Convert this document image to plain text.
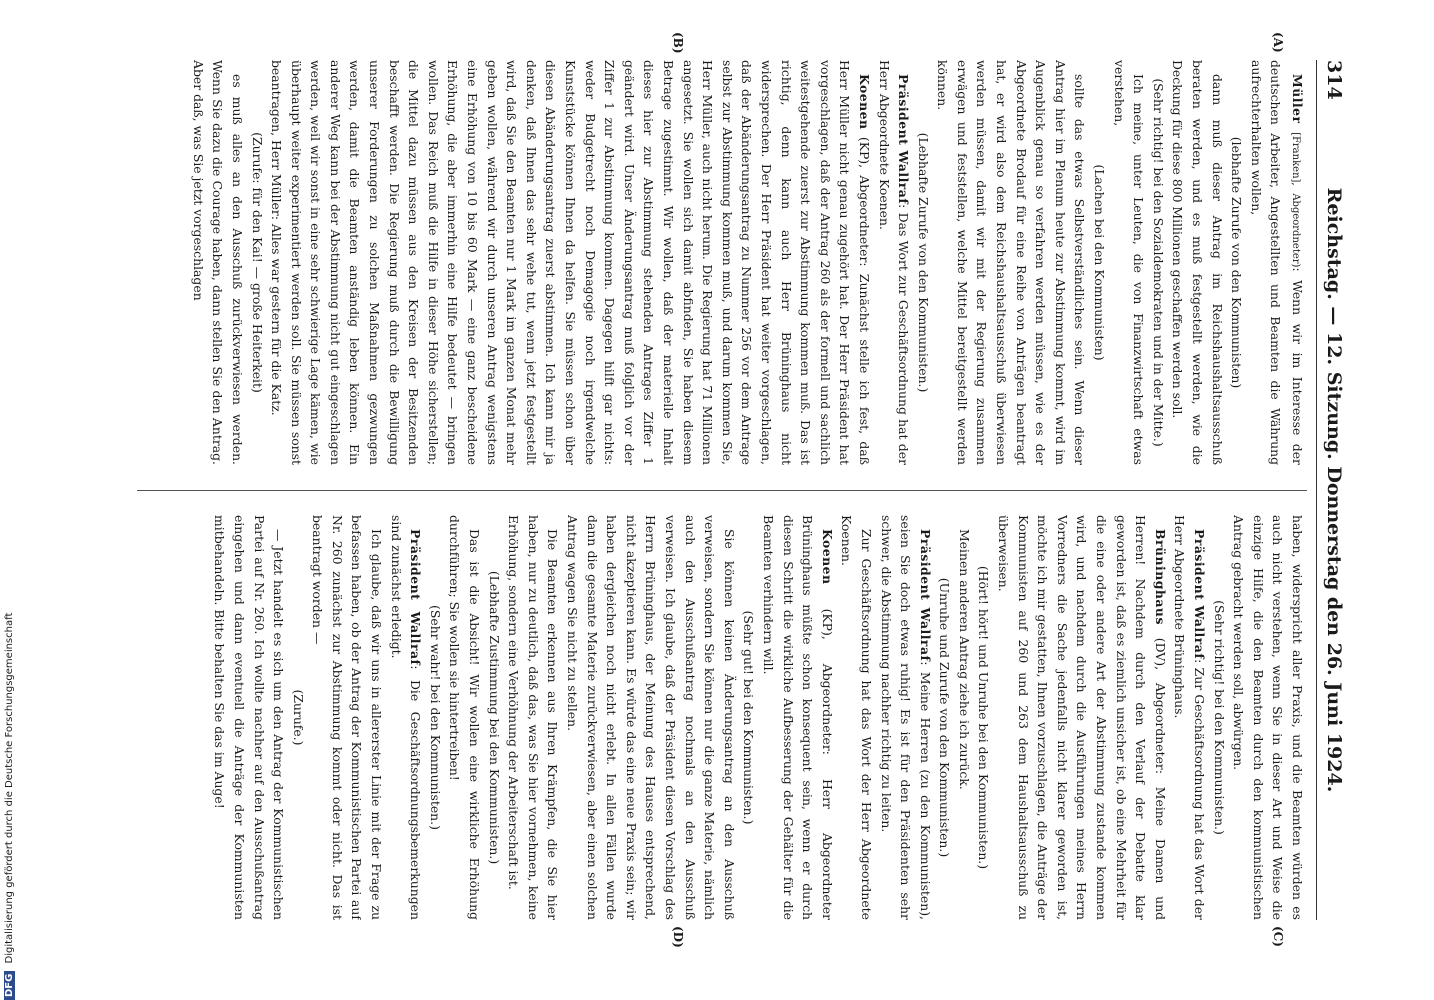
314
Reichstag. — 12. Sitzung. Donnerstag den 26. Juni 1924.
(A)
(B)
(C)
(D)

Müller [Franken], Abgeordneter): Wenn wir im Interesse der deutschen Arbeiter, Angestellten und Beamten die Währung aufrechterhalten wollen,

(lebhafte Zurufe von den Kommunisten)

dann muß dieser Antrag im Reichshaushaltsausschuß beraten werden, und es muß festgestellt werden, wie die Deckung für diese 800 Millionen geschaffen werden soll.

(Sehr richtig! bei den Sozialdemokraten und in der Mitte.)

Ich meine, unter Leuten, die von Finanzwirtschaft etwas verstehen,

(Lachen bei den Kommunisten)

sollte das etwas Selbstverständliches sein. Wenn dieser Antrag hier im Plenum heute zur Abstimmung kommt, wird im Augenblick genau so verfahren werden müssen, wie es der Abgeordnete Brodauf für eine Reihe von Anträgen beantragt hat, er wird also dem Reichshaushaltsausschuß überwiesen werden müssen, damit wir mit der Regierung zusammen erwägen und feststellen, welche Mittel bereitgestellt werden können.

(Lebhafte Zurufe von den Kommunisten.)

Präsident Wallraf: Das Wort zur Geschäftsordnung hat der Herr Abgeordnete Koenen.

Koenen (KP), Abgeordneter: Zunächst stelle ich fest, daß Herr Müller nicht genau zugehört hat. Der Herr Präsident hat vorgeschlagen, daß der Antrag 260 als der formell und sachlich weitestgehende zuerst zur Abstimmung kommen muß. Das ist richtig, denn kann auch Herr Brüninghaus nicht widersprechen. Der Herr Präsident hat weiter vorgeschlagen, daß der Abänderungsantrag zu Nummer 256 vor dem Antrage selbst zur Abstimmung kommen muß, und darum kommen Sie, Herr Müller, auch nicht herum. Die Regierung hat 71 Millionen angesetzt. Sie wollen sich damit abfinden, Sie haben diesem Betrage zugestimmt. Wir wollen, daß der materielle Inhalt dieses hier zur Abstimmung stehenden Antrages Ziffer 1 geändert wird. Unser Änderungsantrag muß folglich vor der Ziffer 1 zur Abstimmung kommen. Dagegen hilft gar nichts: weder Budgetrecht noch Demagogie noch irgendwelche Kunststücke können Ihnen da helfen. Sie müssen schon über diesen Abänderungsantrag zuerst abstimmen. Ich kann mir ja denken, daß Ihnen das sehr wehe tut, wenn jetzt festgestellt wird, daß Sie den Beamten nur 1 Mark im ganzen Monat mehr geben wollen, während wir durch unseren Antrag wenigstens eine Erhöhung von 10 bis 60 Mark — eine ganz bescheidene Erhöhung, die aber immerhin eine Hilfe bedeutet — bringen wollen. Das Reich muß die Hilfe in dieser Höhe sicherstellen; die Mittel dazu müssen aus den Kreisen der Besitzenden beschafft werden. Die Regierung muß durch die Bewilligung unserer Forderungen zu solchen Maßnahmen gezwungen werden, damit die Beamten anständig leben können. Ein anderer Weg kann bei der Abstimmung nicht gut eingeschlagen werden, weil wir sonst in eine sehr schwierige Lage kämen, wie überhaupt weiter experimentiert werden soll. Sie müssen sonst beantragen, Herr Müller: Alles war gestern für die Katz.

(Zurufe: für den Kai! — große Heiterkeit)

es muß alles an den Ausschuß zurückverwiesen werden. Wenn Sie dazu die Courage haben, dann stellen Sie den Antrag. Aber daß, was Sie jetzt vorgeschlagen

haben, widerspricht aller Praxis, und die Beamten würden es auch nicht verstehen, wenn Sie in dieser Art und Weise die einzige Hilfe, die den Beamten durch den kommunistischen Antrag gebracht werden soll, abwürgen.

(Sehr richtig! bei den Kommunisten.)

Präsident Wallraf: Zur Geschäftsordnung hat das Wort der Herr Abgeordnete Brüninghaus.

Brüninghaus (DV), Abgeordneter: Meine Damen und Herren! Nachdem durch den Verlauf der Debatte klar geworden ist, daß es ziemlich unsicher ist, ob eine Mehrheit für die eine oder andere Art der Abstimmung zustande kommen wird, und nachdem durch die Ausführungen meines Herrn Vorredners die Sache jedenfalls nicht klarer geworden ist, möchte ich mir gestatten, Ihnen vorzuschlagen, die Anträge der Kommunisten auf 260 und 263 dem Haushaltsausschuß zu überweisen.

(Hört! hört! und Unruhe bei den Kommunisten.)

Meinen anderen Antrag ziehe ich zurück.

(Unruhe und Zurufe von den Kommunisten.)

Präsident Wallraf: Meine Herren (zu den Kommunisten), seien Sie doch etwas ruhig! Es ist für den Präsidenten sehr schwer, die Abstimmung nachher richtig zu leiten.

Zur Geschäftsordnung hat das Wort der Herr Abgeordnete Koenen.

Koenen (KP), Abgeordneter: Herr Abgeordneter Brüninghaus müßte schon konsequent sein, wenn er durch diesen Schritt die wirkliche Aufbesserung der Gehälter für die Beamten verhindern will.

(Sehr gut! bei den Kommunisten.)

Sie können keinen Änderungsantrag an den Ausschuß verweisen, sondern Sie können nur die ganze Materie, nämlich auch den Ausschußantrag nochmals an den Ausschuß verweisen. Ich glaube, daß der Präsident diesen Vorschlag des Herrn Brüninghaus, der Meinung des Hauses entsprechend, nicht akzeptieren kann. Es würde das eine neue Praxis sein; wir haben dergleichen noch nicht erlebt. In allen Fällen wurde dann die gesamte Materie zurückverwiesen, aber einen solchen Antrag wagen Sie nicht zu stellen.

Die Beamten erkennen aus Ihren Krämpfen, die Sie hier haben, nur zu deutlich, daß das, was Sie hier vornehmen, keine Erhöhung, sondern eine Verhöhnung der Arbeiterschaft ist.

(Lebhafte Zustimmung bei den Kommunisten.)

Das ist die Absicht! Wir wollen eine wirkliche Erhöhung durchführen; Sie wollen sie hintertreiben!

(Sehr wahr! bei den Kommunisten.)

Präsident Wallraf: Die Geschäftsordnungsbemerkungen sind zunächst erledigt.

Ich glaube, daß wir uns in allererster Linie mit der Frage zu befassen haben, ob der Antrag der Kommunistischen Partei auf Nr. 260 zunächst zur Abstimmung kommt oder nicht. Das ist beantragt worden —

(Zurufe.)

— Jetzt handelt es sich um den Antrag der Kommunistischen Partei auf Nr. 260. Ich wollte nachher auf den Ausschußantrag eingehen und dann eventuell die Anträge der Kommunisten mitbehandeln. Bitte behalten Sie das im Auge!

DFG Digitalisierung gefördert durch die Deutsche Forschungsgemeinschaft
